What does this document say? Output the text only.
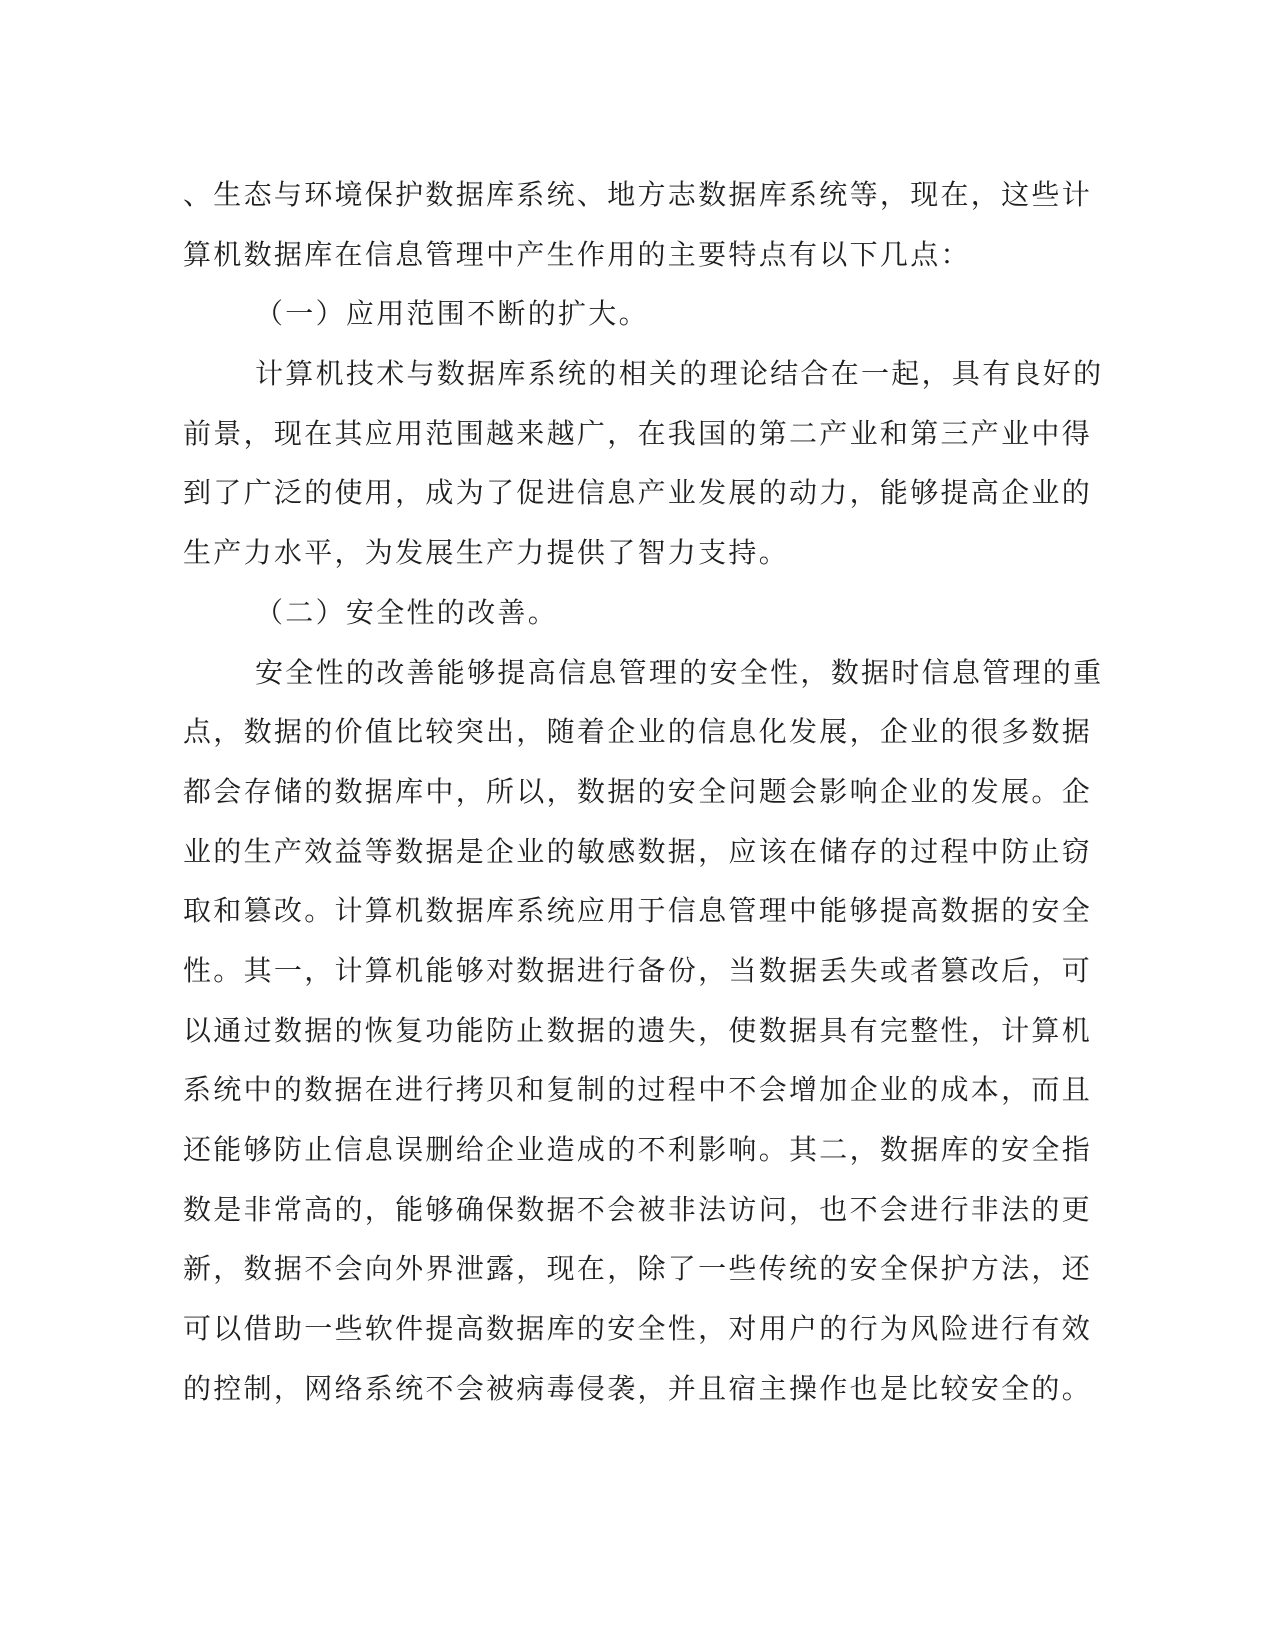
、生态与环境保护数据库系统、地方志数据库系统等，现在，这些计
算机数据库在信息管理中产生作用的主要特点有以下几点：
（一）应用范围不断的扩大。
计算机技术与数据库系统的相关的理论结合在一起，具有良好的
前景，现在其应用范围越来越广，在我国的第二产业和第三产业中得
到了广泛的使用，成为了促进信息产业发展的动力，能够提高企业的
生产力水平，为发展生产力提供了智力支持。
（二）安全性的改善。
安全性的改善能够提高信息管理的安全性，数据时信息管理的重
点，数据的价值比较突出，随着企业的信息化发展，企业的很多数据
都会存储的数据库中，所以，数据的安全问题会影响企业的发展。企
业的生产效益等数据是企业的敏感数据，应该在储存的过程中防止窃
取和篡改。计算机数据库系统应用于信息管理中能够提高数据的安全
性。其一，计算机能够对数据进行备份，当数据丢失或者篡改后，可
以通过数据的恢复功能防止数据的遗失，使数据具有完整性，计算机
系统中的数据在进行拷贝和复制的过程中不会增加企业的成本，而且
还能够防止信息误删给企业造成的不利影响。其二，数据库的安全指
数是非常高的，能够确保数据不会被非法访问，也不会进行非法的更
新，数据不会向外界泄露，现在，除了一些传统的安全保护方法，还
可以借助一些软件提高数据库的安全性，对用户的行为风险进行有效
的控制，网络系统不会被病毒侵袭，并且宿主操作也是比较安全的。
